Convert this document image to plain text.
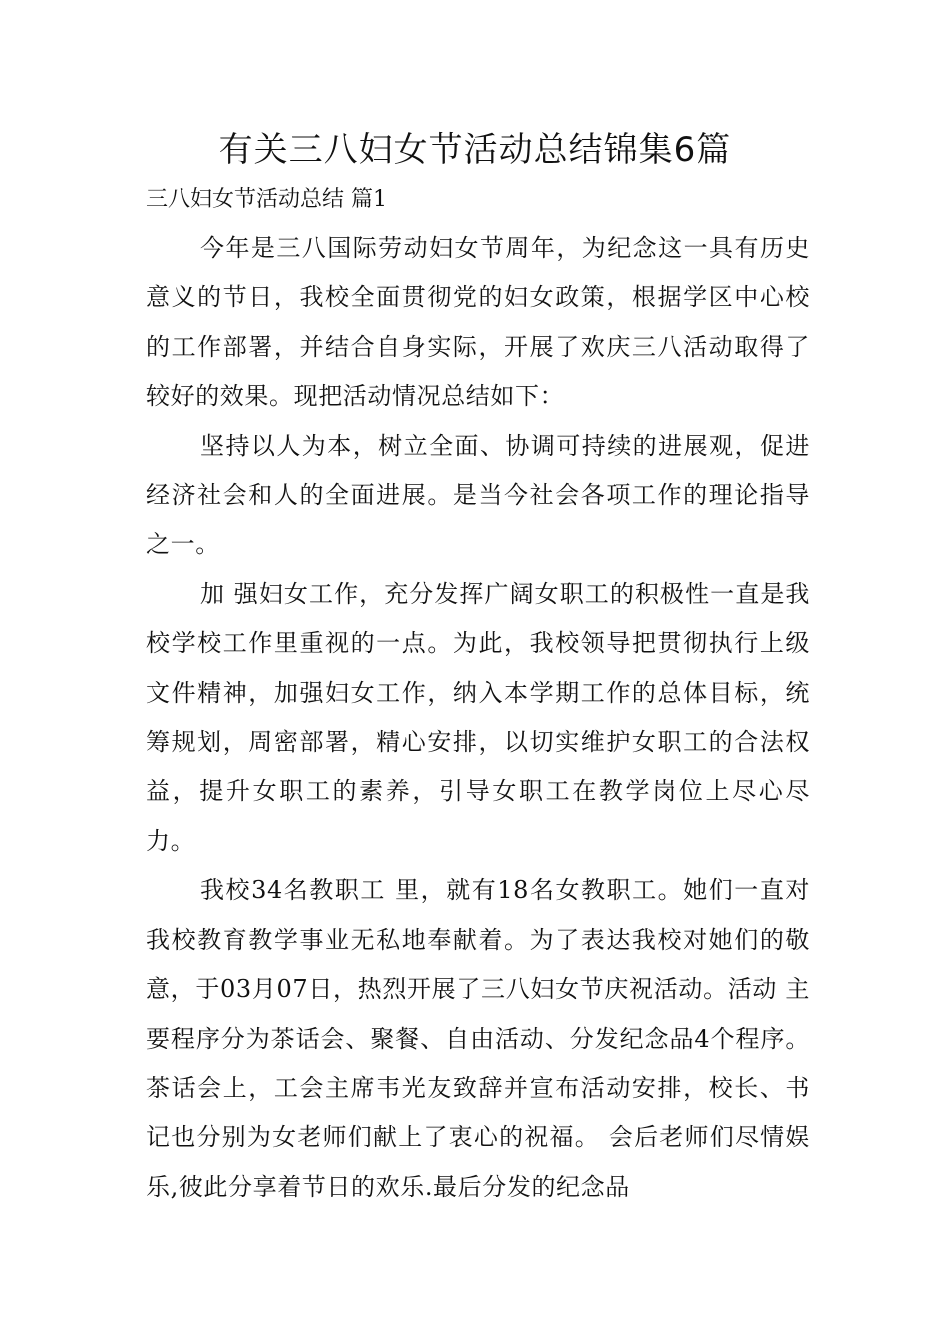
有关三八妇女节活动总结锦集6篇

三八妇女节活动总结 篇1

今年是三八国际劳动妇女节周年，为纪念这一具有历史意义的节日，我校全面贯彻党的妇女政策，根据学区中心校的工作部署，并结合自身实际，开展了欢庆三八活动取得了较好的效果。现把活动情况总结如下：

坚持以人为本，树立全面、协调可持续的进展观，促进经济社会和人的全面进展。是当今社会各项工作的理论指导之一。

加 强妇女工作，充分发挥广阔女职工的积极性一直是我校学校工作里重视的一点。为此，我校领导把贯彻执行上级文件精神，加强妇女工作，纳入本学期工作的总体目标，统筹规划，周密部署，精心安排，以切实维护女职工的合法权益，提升女职工的素养，引导女职工在教学岗位上尽心尽力。

我校34名教职工 里，就有18名女教职工。她们一直对我校教育教学事业无私地奉献着。为了表达我校对她们的敬意，于03月07日，热烈开展了三八妇女节庆祝活动。活动 主要程序分为茶话会、聚餐、自由活动、分发纪念品4个程序。茶话会上，工会主席韦光友致辞并宣布活动安排，校长、书记也分别为女老师们献上了衷心的祝福。 会后老师们尽情娱乐,彼此分享着节日的欢乐.最后分发的纪念品
